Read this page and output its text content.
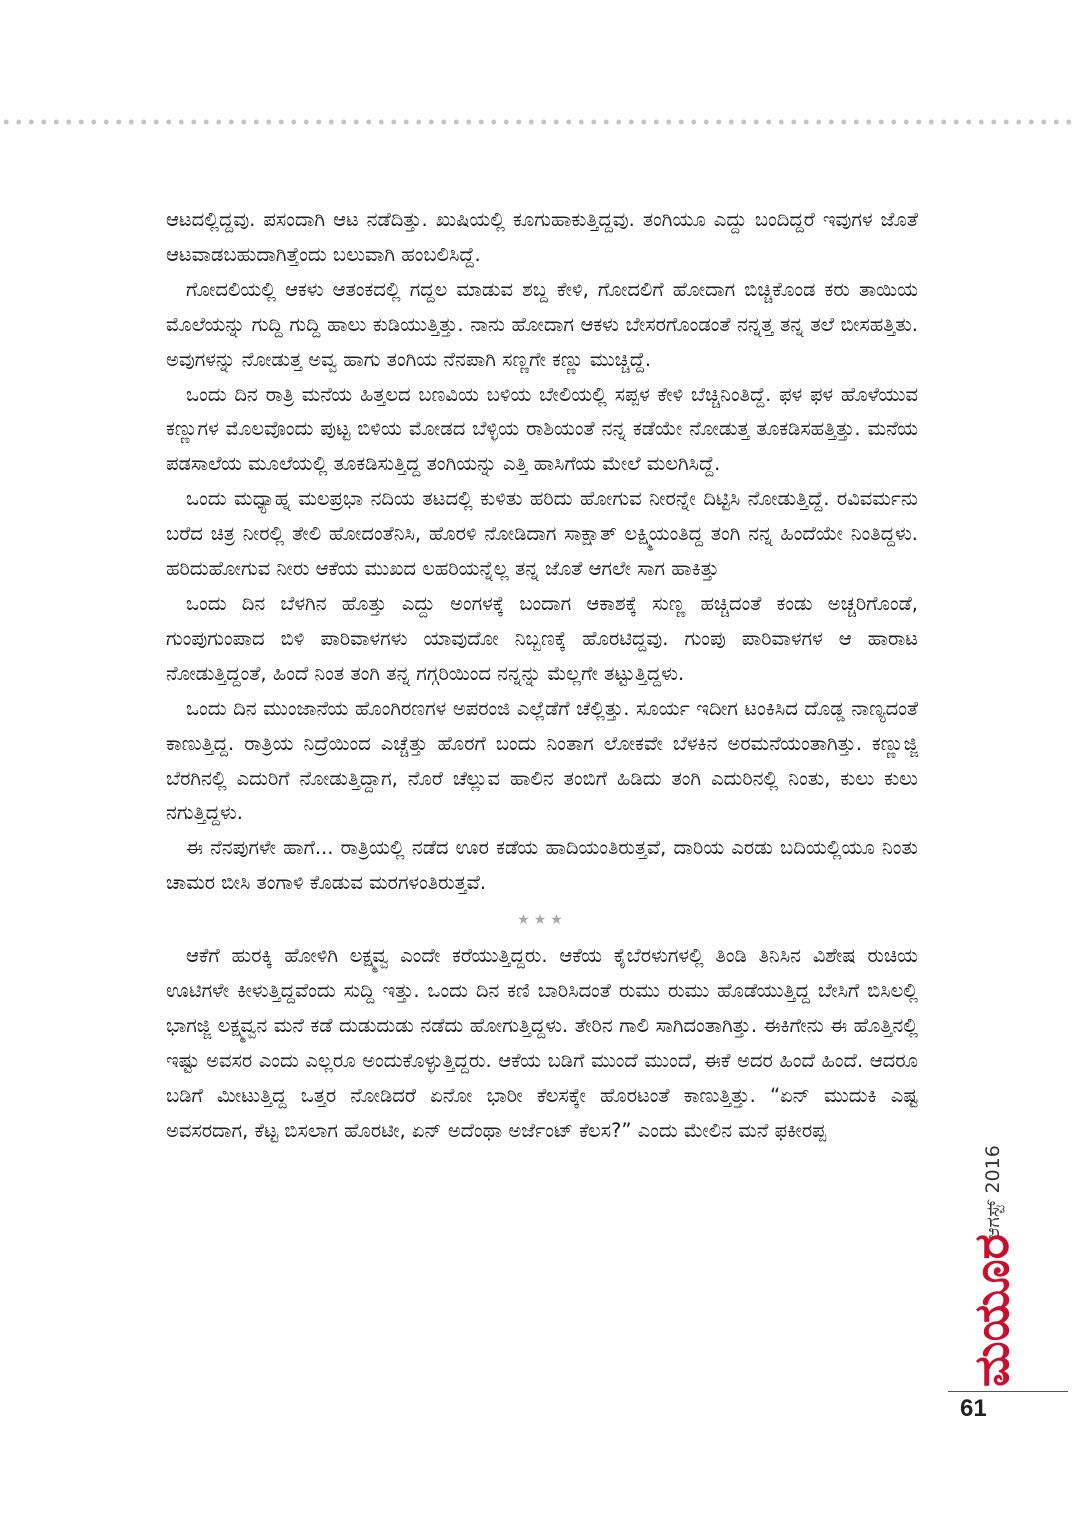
ಆಟದಲ್ಲಿದ್ದವು. ಪಸಂದಾಗಿ ಆಟ ನಡೆದಿತ್ತು. ಖುಷಿಯಲ್ಲಿ ಕೂಗುಹಾಕುತ್ತಿದ್ದವು. ತಂಗಿಯೂ ಎದ್ದು ಬಂದಿದ್ದರೆ ಇವುಗಳ ಜೊತೆ ಆಟವಾಡಬಹುದಾಗಿತ್ತೆಂದು ಬಲುವಾಗಿ ಹಂಬಲಿಸಿದ್ದೆ.

ಗೋದಲಿಯಲ್ಲಿ ಆಕಳು ಆತಂಕದಲ್ಲಿ ಗದ್ದಲ ಮಾಡುವ ಶಬ್ದ ಕೇಳಿ, ಗೋದಲಿಗೆ ಹೋದಾಗ ಬಿಚ್ಚಿಕೊಂಡ ಕರು ತಾಯಿಯ ಮೊಲೆಯನ್ನು ಗುದ್ದಿ ಗುದ್ದಿ ಹಾಲು ಕುಡಿಯುತ್ತಿತ್ತು. ನಾನು ಹೋದಾಗ ಆಕಳು ಬೇಸರಗೊಂಡಂತೆ ನನ್ನತ್ತ ತನ್ನ ತಲೆ ಬೀಸಹತ್ತಿತು. ಅವುಗಳನ್ನು ನೋಡುತ್ತ ಅವ್ವ ಹಾಗು ತಂಗಿಯ ನೆನಪಾಗಿ ಸಣ್ಣಗೇ ಕಣ್ಣು ಮುಚ್ಚಿದ್ದೆ.

ಒಂದು ದಿನ ರಾತ್ರಿ ಮನೆಯ ಹಿತ್ತಲದ ಬಣವಿಯ ಬಳಿಯ ಬೇಲಿಯಲ್ಲಿ ಸಪ್ಪಳ ಕೇಳಿ ಬೆಚ್ಚಿನಿಂತಿದ್ದೆ. ಫಳ ಫಳ ಹೊಳೆಯುವ ಕಣ್ಣುಗಳ ಮೊಲವೊಂದು ಪುಟ್ಟ ಬಿಳಿಯ ಮೋಡದ ಬೆಳ್ಳಿಯ ರಾಶಿಯಂತೆ ನನ್ನ ಕಡೆಯೇ ನೋಡುತ್ತ ತೂಕಡಿಸಹತ್ತಿತ್ತು. ಮನೆಯ ಪಡಸಾಲೆಯ ಮೂಲೆಯಲ್ಲಿ ತೂಕಡಿಸುತ್ತಿದ್ದ ತಂಗಿಯನ್ನು ಎತ್ತಿ ಹಾಸಿಗೆಯ ಮೇಲೆ ಮಲಗಿಸಿದ್ದೆ.

ಒಂದು ಮಧ್ಯಾಹ್ನ ಮಲಪ್ರಭಾ ನದಿಯ ತಟದಲ್ಲಿ ಕುಳಿತು ಹರಿದು ಹೋಗುವ ನೀರನ್ನೇ ದಿಟ್ಟಿಸಿ ನೋಡುತ್ತಿದ್ದೆ. ರವಿವರ್ಮನು ಬರೆದ ಚಿತ್ರ ನೀರಲ್ಲಿ ತೇಲಿ ಹೋದಂತೆನಿಸಿ, ಹೊರಳಿ ನೋಡಿದಾಗ ಸಾಕ್ಷಾತ್ ಲಕ್ಷ್ಮಿಯಂತಿದ್ದ ತಂಗಿ ನನ್ನ ಹಿಂದೆಯೇ ನಿಂತಿದ್ದಳು. ಹರಿದುಹೋಗುವ ನೀರು ಆಕೆಯ ಮುಖದ ಲಹರಿಯನ್ನೆಲ್ಲ ತನ್ನ ಜೊತೆ ಆಗಲೇ ಸಾಗ ಹಾಕಿತ್ತು

ಒಂದು ದಿನ ಬೆಳಗಿನ ಹೊತ್ತು ಎದ್ದು ಅಂಗಳಕ್ಕೆ ಬಂದಾಗ ಆಕಾಶಕ್ಕೆ ಸುಣ್ಣ ಹಚ್ಚಿದಂತೆ ಕಂಡು ಅಚ್ಚರಿಗೊಂಡೆ, ಗುಂಪುಗುಂಪಾದ ಬಿಳಿ ಪಾರಿವಾಳಗಳು ಯಾವುದೋ ನಿಬ್ಬಣಕ್ಕೆ ಹೊರಟಿದ್ದವು. ಗುಂಪು ಪಾರಿವಾಳಗಳ ಆ ಹಾರಾಟ ನೋಡುತ್ತಿದ್ದಂತೆ, ಹಿಂದೆ ನಿಂತ ತಂಗಿ ತನ್ನ ಗಗ್ಗರಿಯಿಂದ ನನ್ನನ್ನು ಮೆಲ್ಲಗೇ ತಟ್ಟುತ್ತಿದ್ದಳು.

ಒಂದು ದಿನ ಮುಂಜಾನೆಯ ಹೊಂಗಿರಣಗಳ ಅಪರಂಜಿ ಎಲ್ಲೆಡೆಗೆ ಚೆಲ್ಲಿತ್ತು. ಸೂರ್ಯ ಇದೀಗ ಟಂಕಿಸಿದ ದೊಡ್ಡ ನಾಣ್ಯದಂತೆ ಕಾಣುತ್ತಿದ್ದ. ರಾತ್ರಿಯ ನಿದ್ರೆಯಿಂದ ಎಚ್ಚೆತ್ತು ಹೊರಗೆ ಬಂದು ನಿಂತಾಗ ಲೋಕವೇ ಬೆಳಕಿನ ಅರಮನೆಯಂತಾಗಿತ್ತು. ಕಣ್ಣುಜ್ಜಿ ಬೆರಗಿನಲ್ಲಿ ಎದುರಿಗೆ ನೋಡುತ್ತಿದ್ದಾಗ, ನೊರೆ ಚೆಲ್ಲುವ ಹಾಲಿನ ತಂಬಿಗೆ ಹಿಡಿದು ತಂಗಿ ಎದುರಿನಲ್ಲಿ ನಿಂತು, ಕುಲು ಕುಲು ನಗುತ್ತಿದ್ದಳು.

ಈ ನೆನಪುಗಳೇ ಹಾಗೆ... ರಾತ್ರಿಯಲ್ಲಿ ನಡೆದ ಊರ ಕಡೆಯ ಹಾದಿಯಂತಿರುತ್ತವೆ, ದಾರಿಯ ಎರಡು ಬದಿಯಲ್ಲಿಯೂ ನಿಂತು ಚಾಮರ ಬೀಸಿ ತಂಗಾಳಿ ಕೊಡುವ ಮರಗಳಂತಿರುತ್ತವೆ.

★★★

ಆಕೆಗೆ ಹುರಕ್ಕಿ ಹೋಳಿಗಿ ಲಕ್ಷ್ಮವ್ವ ಎಂದೇ ಕರೆಯುತ್ತಿದ್ದರು. ಆಕೆಯ ಕೈಬೆರಳುಗಳಲ್ಲಿ ತಿಂಡಿ ತಿನಿಸಿನ ವಿಶೇಷ ರುಚಿಯ ಊಟಿಗಳೇ ಕೀಳುತ್ತಿದ್ದವೆಂದು ಸುದ್ದಿ ಇತ್ತು. ಒಂದು ದಿನ ಕಣಿ ಬಾರಿಸಿದಂತೆ ರುಮು ರುಮು ಹೊಡೆಯುತ್ತಿದ್ದ ಬೇಸಿಗೆ ಬಿಸಿಲಲ್ಲಿ ಭಾಗಜ್ಜಿ ಲಕ್ಷ್ಮವ್ವನ ಮನೆ ಕಡೆ ದುಡುದುಡು ನಡೆದು ಹೋಗುತ್ತಿದ್ದಳು. ತೇರಿನ ಗಾಲಿ ಸಾಗಿದಂತಾಗಿತ್ತು. ಈಕಿಗೇನು ಈ ಹೊತ್ತಿನಲ್ಲಿ ಇಷ್ಟು ಅವಸರ ಎಂದು ಎಲ್ಲರೂ ಅಂದುಕೊಳ್ಳುತ್ತಿದ್ದರು. ಆಕೆಯ ಬಡಿಗೆ ಮುಂದೆ ಮುಂದೆ, ಈಕೆ ಅದರ ಹಿಂದೆ ಹಿಂದೆ. ಆದರೂ ಬಡಿಗೆ ಮೀಟುತ್ತಿದ್ದ ಒತ್ತರ ನೋಡಿದರೆ ಏನೋ ಭಾರೀ ಕೆಲಸಕ್ಕೇ ಹೊರಟಂತೆ ಕಾಣುತ್ತಿತ್ತು. “ಏನ್ ಮುದುಕಿ ಎಷ್ಟ ಅವಸರದಾಗ, ಕೆಟ್ಟ ಬಿಸಲಾಗ ಹೊರಟೀ, ಏನ್ ಅದೆಂಥಾ ಅರ್ಜೆಂಟ್ ಕೆಲಸ?” ಎಂದು ಮೇಲಿನ ಮನೆ ಫಕೀರಪ್ಪ

ಆಗಸ್ಟ್ 2016
ಮಯೂರ
61
